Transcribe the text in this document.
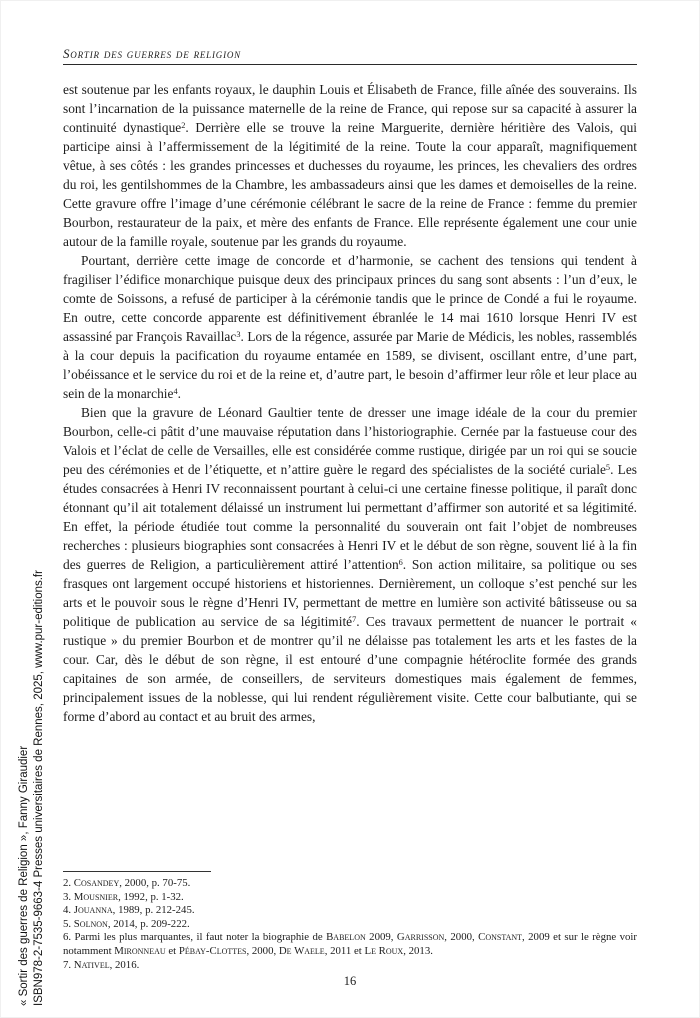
Sortir des guerres de religion

est soutenue par les enfants royaux, le dauphin Louis et Élisabeth de France, fille aînée des souverains. Ils sont l’incarnation de la puissance maternelle de la reine de France, qui repose sur sa capacité à assurer la continuité dynastique$^2$. Derrière elle se trouve la reine Marguerite, dernière héritière des Valois, qui participe ainsi à l’affermissement de la légitimité de la reine. Toute la cour apparaît, magnifiquement vêtue, à ses côtés : les grandes princesses et duchesses du royaume, les princes, les chevaliers des ordres du roi, les gentilshommes de la Chambre, les ambassadeurs ainsi que les dames et demoiselles de la reine. Cette gravure offre l’image d’une cérémonie célébrant le sacre de la reine de France : femme du premier Bourbon, restaurateur de la paix, et mère des enfants de France. Elle représente également une cour unie autour de la famille royale, soutenue par les grands du royaume.

Pourtant, derrière cette image de concorde et d’harmonie, se cachent des tensions qui tendent à fragiliser l’édifice monarchique puisque deux des principaux princes du sang sont absents : l’un d’eux, le comte de Soissons, a refusé de participer à la cérémonie tandis que le prince de Condé a fui le royaume. En outre, cette concorde apparente est définitivement ébranlée le 14 mai 1610 lorsque Henri IV est assassiné par François Ravaillac$^3$. Lors de la régence, assurée par Marie de Médicis, les nobles, rassemblés à la cour depuis la pacification du royaume entamée en 1589, se divisent, oscillant entre, d’une part, l’obéissance et le service du roi et de la reine et, d’autre part, le besoin d’affirmer leur rôle et leur place au sein de la monarchie$^4$.

Bien que la gravure de Léonard Gaultier tente de dresser une image idéale de la cour du premier Bourbon, celle-ci pâtit d’une mauvaise réputation dans l’historiographie. Cernée par la fastueuse cour des Valois et l’éclat de celle de Versailles, elle est considérée comme rustique, dirigée par un roi qui se soucie peu des cérémonies et de l’étiquette, et n’attire guère le regard des spécialistes de la société curiale$^5$. Les études consacrées à Henri IV reconnaissent pourtant à celui-ci une certaine finesse politique, il paraît donc étonnant qu’il ait totalement délaissé un instrument lui permettant d’affirmer son autorité et sa légitimité. En effet, la période étudiée tout comme la personnalité du souverain ont fait l’objet de nombreuses recherches : plusieurs biographies sont consacrées à Henri IV et le début de son règne, souvent lié à la fin des guerres de Religion, a particulièrement attiré l’attention$^6$. Son action militaire, sa politique ou ses frasques ont largement occupé historiens et historiennes. Dernièrement, un colloque s’est penché sur les arts et le pouvoir sous le règne d’Henri IV, permettant de mettre en lumière son activité bâtisseuse ou sa politique de publication au service de sa légitimité$^7$. Ces travaux permettent de nuancer le portrait « rustique » du premier Bourbon et de montrer qu’il ne délaisse pas totalement les arts et les fastes de la cour. Car, dès le début de son règne, il est entouré d’une compagnie hétéroclite formée des grands capitaines de son armée, de conseillers, de serviteurs domestiques mais également de femmes, principalement issues de la noblesse, qui lui rendent régulièrement visite. Cette cour balbutiante, qui se forme d’abord au contact et au bruit des armes,

2. Cosandey, 2000, p. 70-75.

3. Mousnier, 1992, p. 1-32.

4. Jouanna, 1989, p. 212-245.

5. Solnon, 2014, p. 209-222.

6. Parmi les plus marquantes, il faut noter la biographie de Babelon 2009, Garrisson, 2000, Constant, 2009 et sur le règne voir notamment Mironneau et Pébay-Clottes, 2000, De Waele, 2011 et Le Roux, 2013.

7. Nativel, 2016.

16
« Sortir des guerres de Religion », Fanny Giraudier ISBN978-2-7535-9663-4 Presses universitaires de Rennes, 2025, www.pur-editions.fr
